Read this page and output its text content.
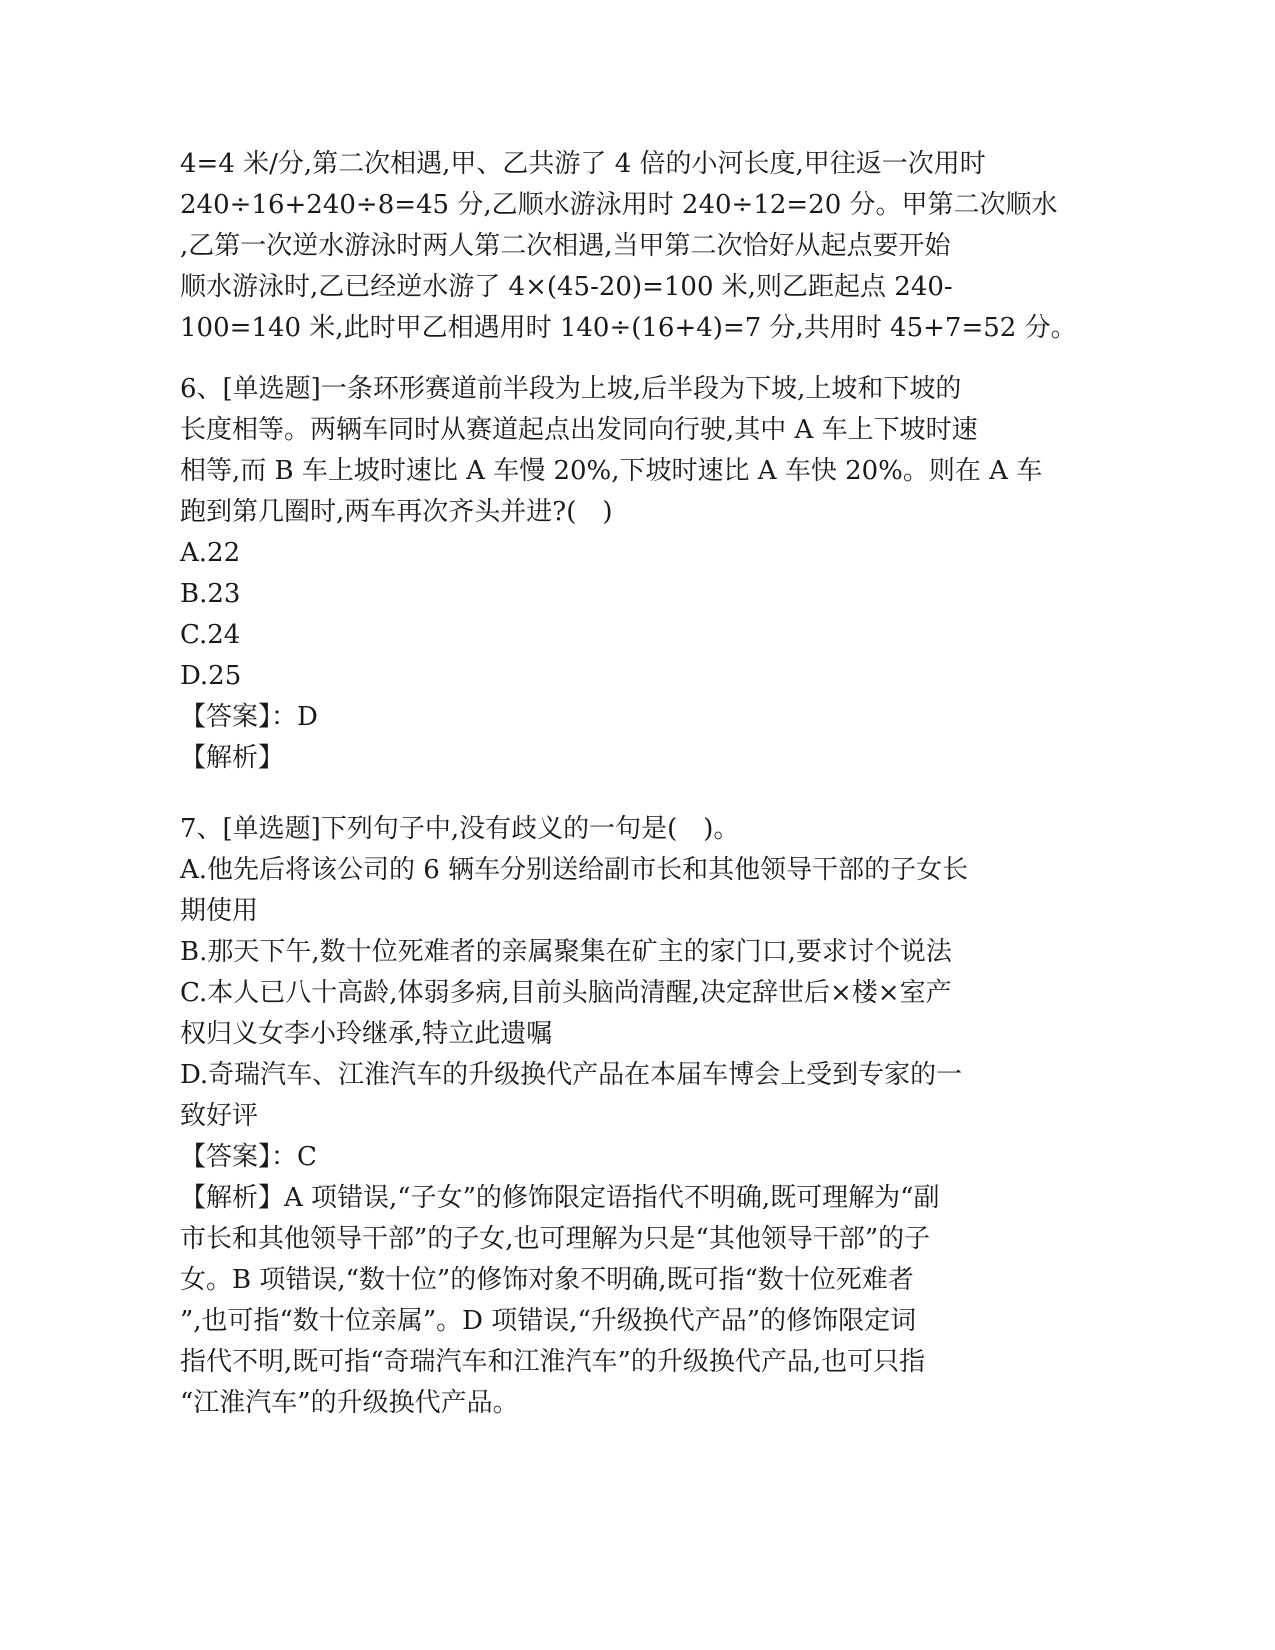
4=4 米/分,第二次相遇,甲、乙共游了 4 倍的小河长度,甲往返一次用时
240÷16+240÷8=45 分,乙顺水游泳用时 240÷12=20 分。甲第二次顺水
,乙第一次逆水游泳时两人第二次相遇,当甲第二次恰好从起点要开始
顺水游泳时,乙已经逆水游了 4×(45-20)=100 米,则乙距起点 240-
100=140 米,此时甲乙相遇用时 140÷(16+4)=7 分,共用时 45+7=52 分。
6、[单选题]一条环形赛道前半段为上坡,后半段为下坡,上坡和下坡的
长度相等。两辆车同时从赛道起点出发同向行驶,其中 A 车上下坡时速
相等,而 B 车上坡时速比 A 车慢 20%,下坡时速比 A 车快 20%。则在 A 车
跑到第几圈时,两车再次齐头并进?(　)
A.22
B.23
C.24
D.25
【答案】：D
【解析】
7、[单选题]下列句子中,没有歧义的一句是(　)。
A.他先后将该公司的 6 辆车分别送给副市长和其他领导干部的子女长
期使用
B.那天下午,数十位死难者的亲属聚集在矿主的家门口,要求讨个说法
C.本人已八十高龄,体弱多病,目前头脑尚清醒,决定辞世后×楼×室产
权归义女李小玲继承,特立此遗嘱
D.奇瑞汽车、江淮汽车的升级换代产品在本届车博会上受到专家的一
致好评
【答案】：C
【解析】A 项错误,“子女”的修饰限定语指代不明确,既可理解为“副
市长和其他领导干部”的子女,也可理解为只是“其他领导干部”的子
女。B 项错误,“数十位”的修饰对象不明确,既可指“数十位死难者
”,也可指“数十位亲属”。D 项错误,“升级换代产品”的修饰限定词
指代不明,既可指“奇瑞汽车和江淮汽车”的升级换代产品,也可只指
“江淮汽车”的升级换代产品。
